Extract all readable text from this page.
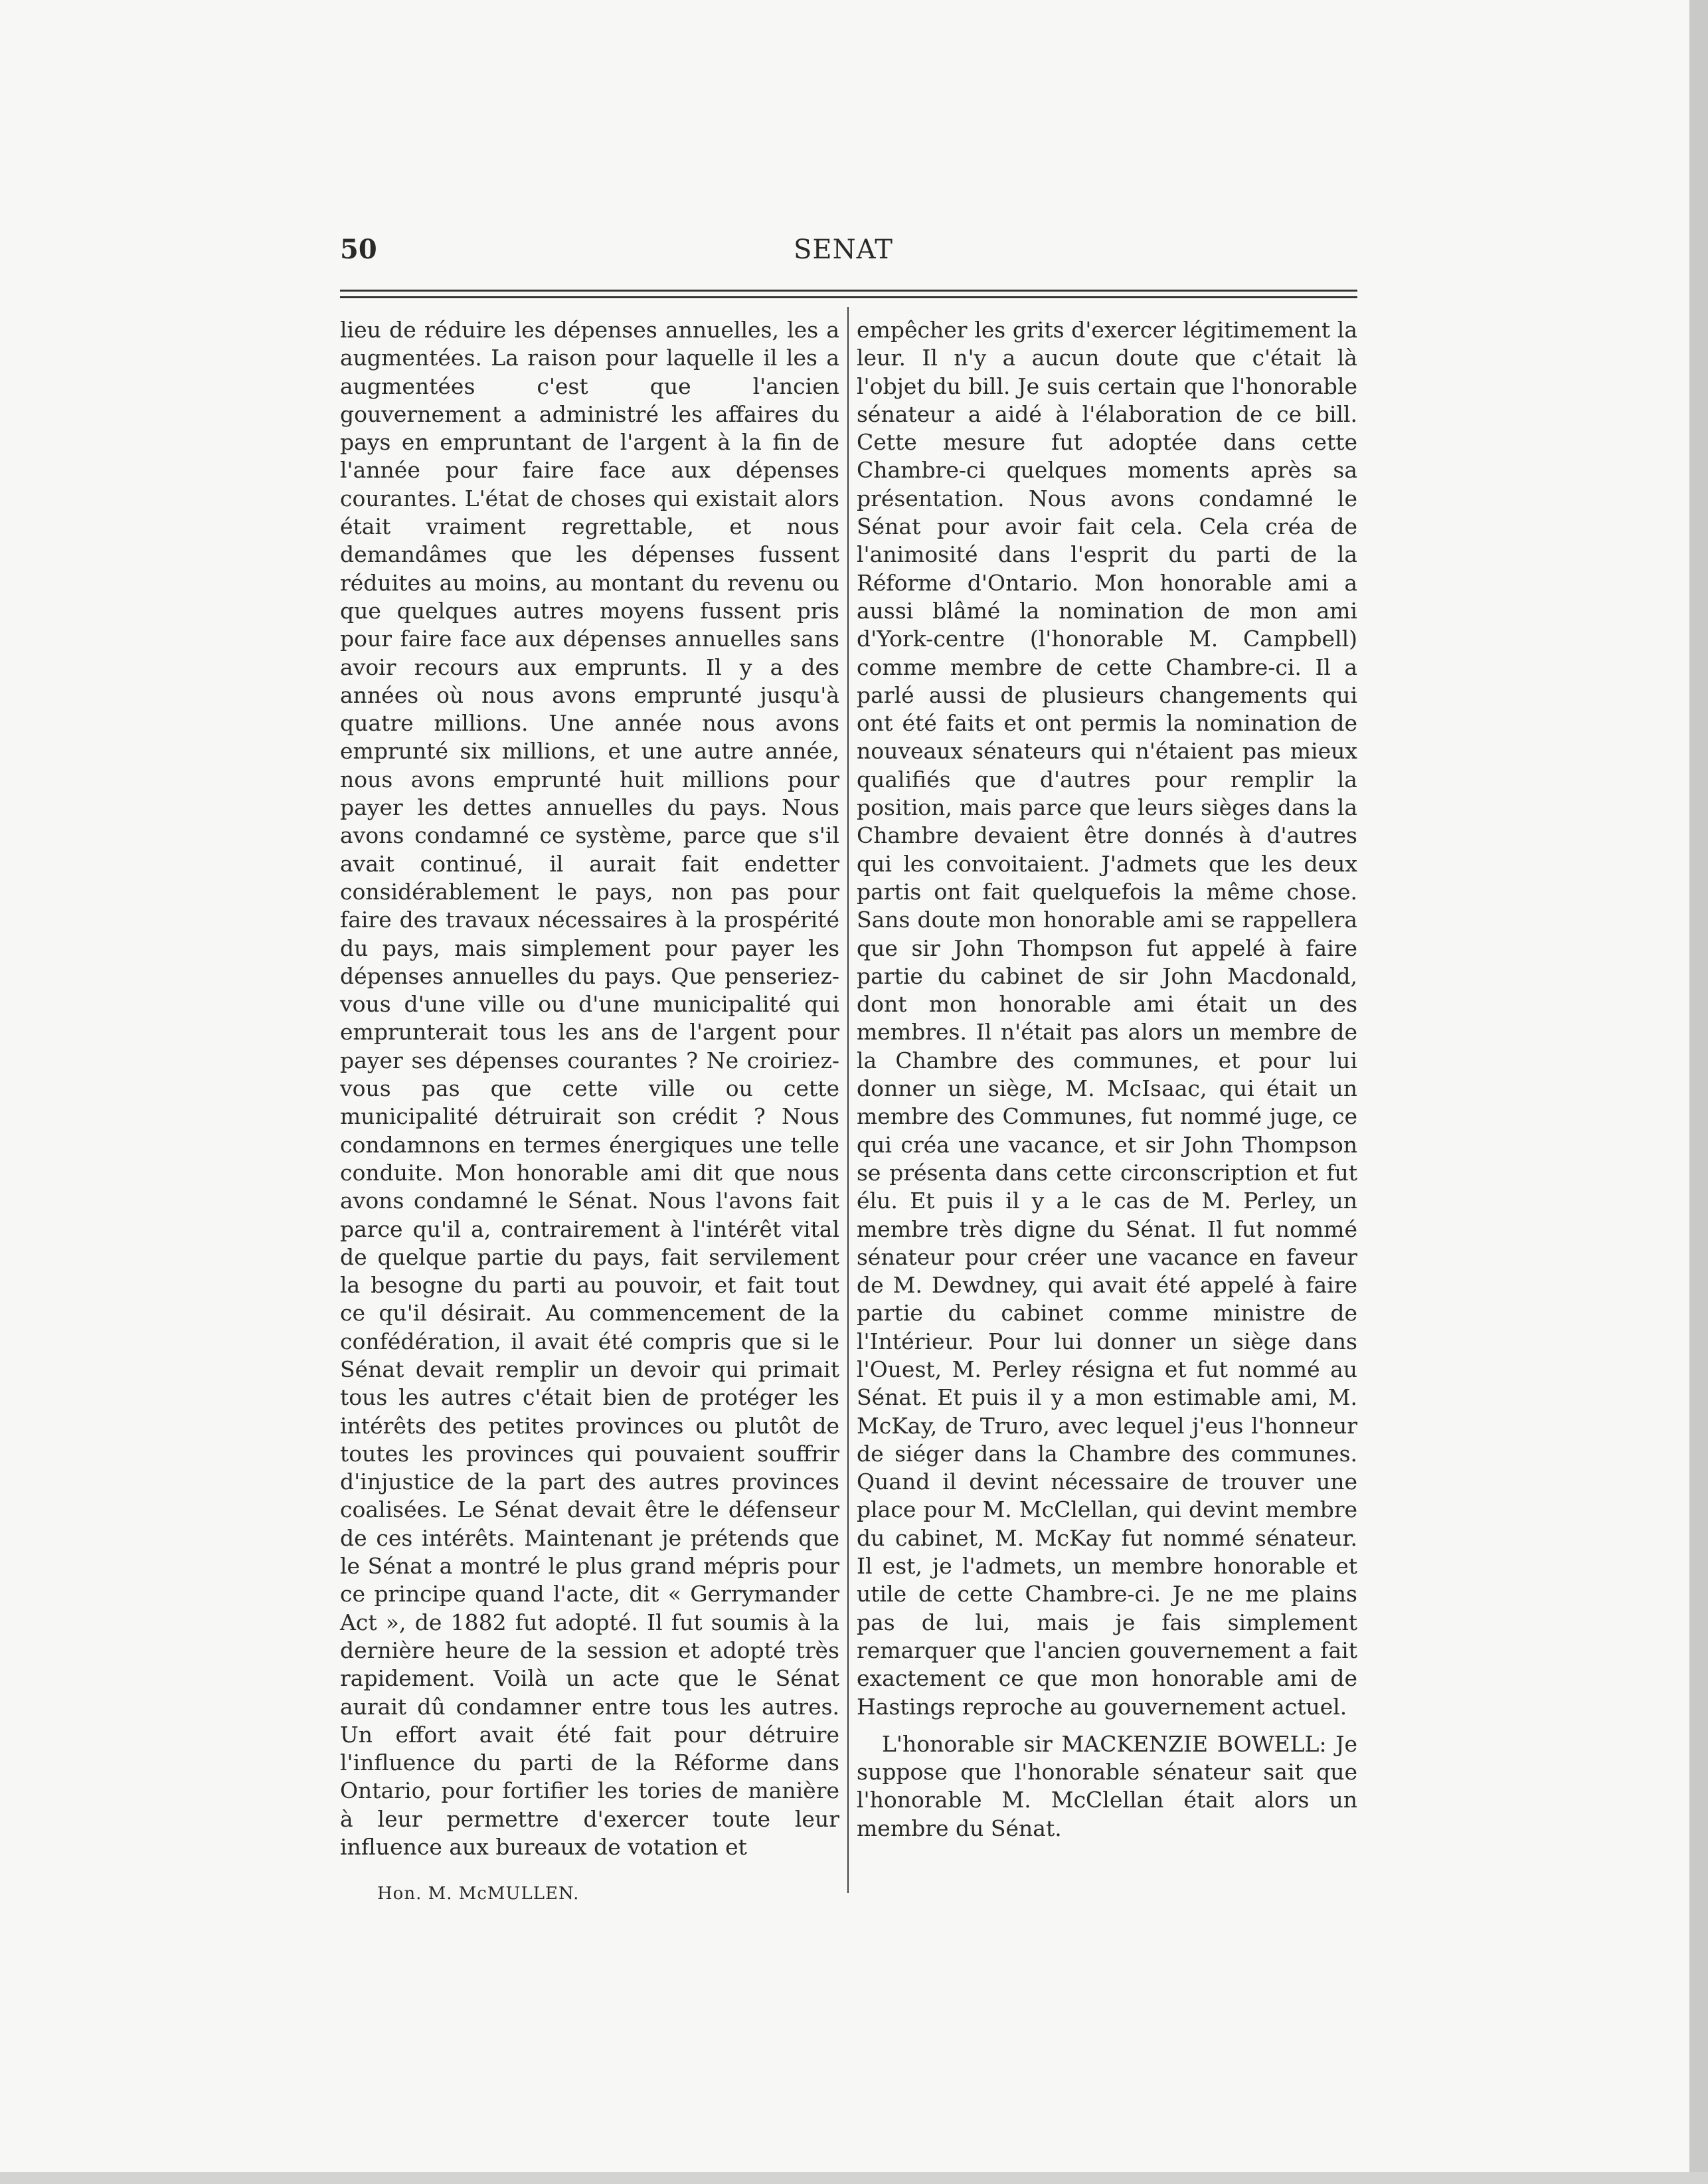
50	SENAT

lieu de réduire les dépenses annuelles, les a augmentées. La raison pour laquelle il les a augmentées c'est que l'ancien gouvernement a administré les affaires du pays en empruntant de l'argent à la fin de l'année pour faire face aux dépenses courantes. L'état de choses qui existait alors était vraiment regrettable, et nous demandâmes que les dépenses fussent réduites au moins, au montant du revenu ou que quelques autres moyens fussent pris pour faire face aux dépenses annuelles sans avoir recours aux emprunts. Il y a des années où nous avons emprunté jusqu'à quatre millions. Une année nous avons emprunté six millions, et une autre année, nous avons emprunté huit millions pour payer les dettes annuelles du pays. Nous avons condamné ce système, parce que s'il avait continué, il aurait fait endetter considérablement le pays, non pas pour faire des travaux nécessaires à la prospérité du pays, mais simplement pour payer les dépenses annuelles du pays. Que penseriez-vous d'une ville ou d'une municipalité qui emprunterait tous les ans de l'argent pour payer ses dépenses courantes ? Ne croiriez-vous pas que cette ville ou cette municipalité détruirait son crédit ? Nous condamnons en termes énergiques une telle conduite. Mon honorable ami dit que nous avons condamné le Sénat. Nous l'avons fait parce qu'il a, contrairement à l'intérêt vital de quelque partie du pays, fait servilement la besogne du parti au pouvoir, et fait tout ce qu'il désirait. Au commencement de la confédération, il avait été compris que si le Sénat devait remplir un devoir qui primait tous les autres c'était bien de protéger les intérêts des petites provinces ou plutôt de toutes les provinces qui pouvaient souffrir d'injustice de la part des autres provinces coalisées. Le Sénat devait être le défenseur de ces intérêts. Maintenant je prétends que le Sénat a montré le plus grand mépris pour ce principe quand l'acte, dit « Gerrymander Act », de 1882 fut adopté. Il fut soumis à la dernière heure de la session et adopté très rapidement. Voilà un acte que le Sénat aurait dû condamner entre tous les autres. Un effort avait été fait pour détruire l'influence du parti de la Réforme dans Ontario, pour fortifier les tories de manière à leur permettre d'exercer toute leur influence aux bureaux de votation et

empêcher les grits d'exercer légitimement la leur. Il n'y a aucun doute que c'était là l'objet du bill. Je suis certain que l'honorable sénateur a aidé à l'élaboration de ce bill. Cette mesure fut adoptée dans cette Chambre-ci quelques moments après sa présentation. Nous avons condamné le Sénat pour avoir fait cela. Cela créa de l'animosité dans l'esprit du parti de la Réforme d'Ontario. Mon honorable ami a aussi blâmé la nomination de mon ami d'York-centre (l'honorable M. Campbell) comme membre de cette Chambre-ci. Il a parlé aussi de plusieurs changements qui ont été faits et ont permis la nomination de nouveaux sénateurs qui n'étaient pas mieux qualifiés que d'autres pour remplir la position, mais parce que leurs sièges dans la Chambre devaient être donnés à d'autres qui les convoitaient. J'admets que les deux partis ont fait quelquefois la même chose. Sans doute mon honorable ami se rappellera que sir John Thompson fut appelé à faire partie du cabinet de sir John Macdonald, dont mon honorable ami était un des membres. Il n'était pas alors un membre de la Chambre des communes, et pour lui donner un siège, M. McIsaac, qui était un membre des Communes, fut nommé juge, ce qui créa une vacance, et sir John Thompson se présenta dans cette circonscription et fut élu. Et puis il y a le cas de M. Perley, un membre très digne du Sénat. Il fut nommé sénateur pour créer une vacance en faveur de M. Dewdney, qui avait été appelé à faire partie du cabinet comme ministre de l'Intérieur. Pour lui donner un siège dans l'Ouest, M. Perley résigna et fut nommé au Sénat. Et puis il y a mon estimable ami, M. McKay, de Truro, avec lequel j'eus l'honneur de siéger dans la Chambre des communes. Quand il devint nécessaire de trouver une place pour M. McClellan, qui devint membre du cabinet, M. McKay fut nommé sénateur. Il est, je l'admets, un membre honorable et utile de cette Chambre-ci. Je ne me plains pas de lui, mais je fais simplement remarquer que l'ancien gouvernement a fait exactement ce que mon honorable ami de Hastings reproche au gouvernement actuel.

L'honorable sir MACKENZIE BOWELL: Je suppose que l'honorable sénateur sait que l'honorable M. McClellan était alors un membre du Sénat.

Hon. M. McMULLEN.
